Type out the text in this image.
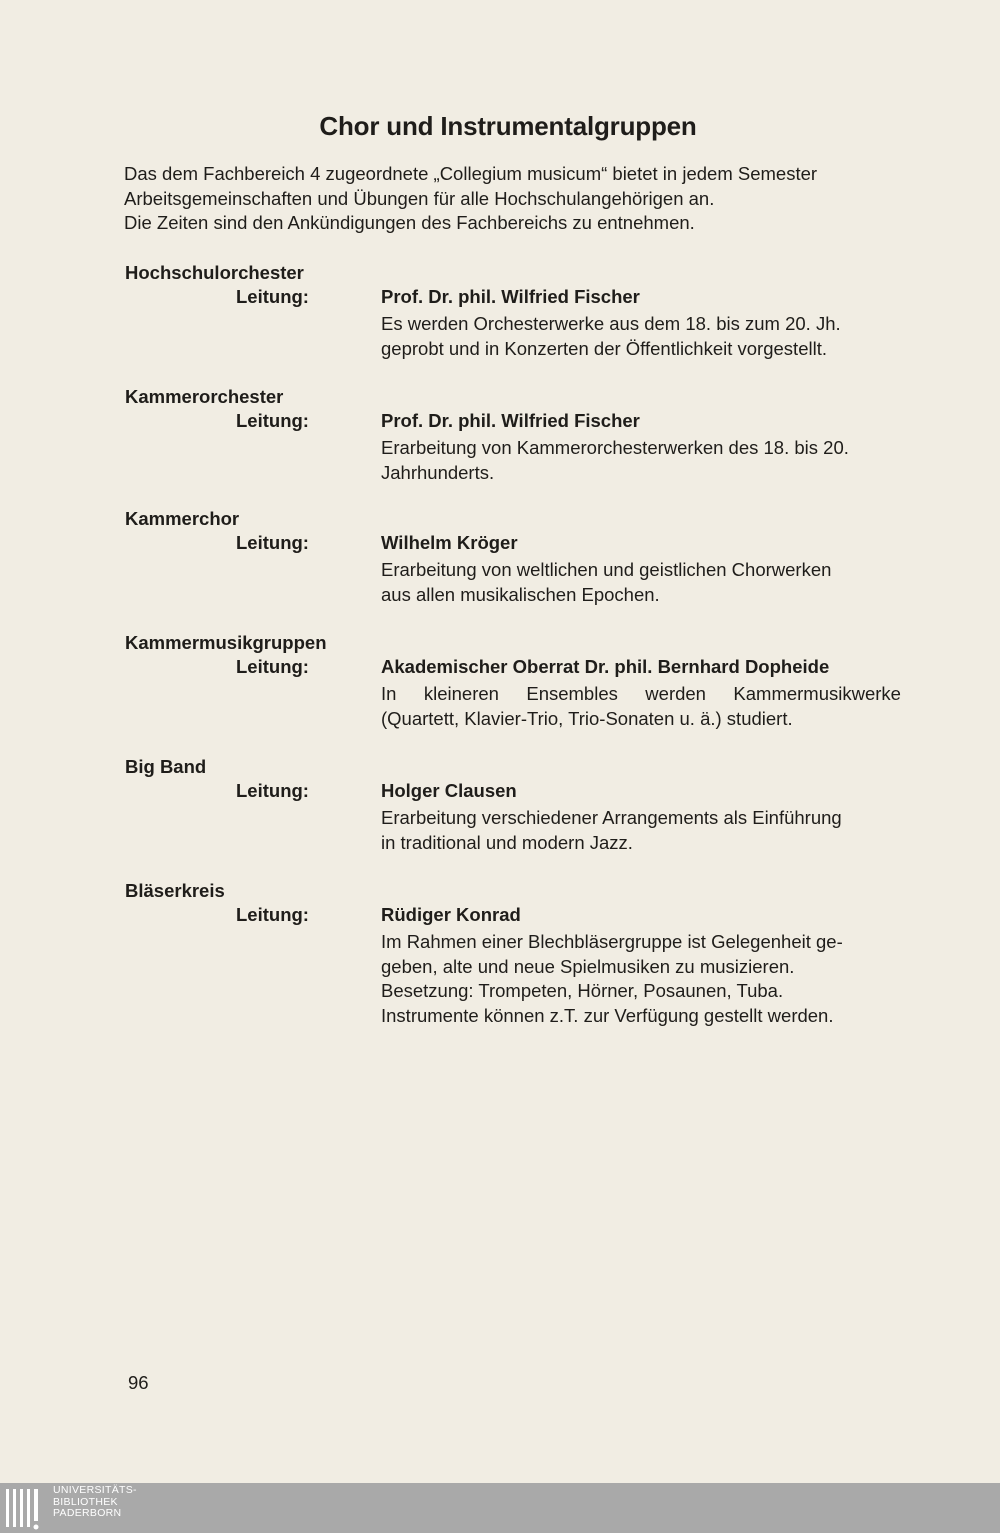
Chor und Instrumentalgruppen
Das dem Fachbereich 4 zugeordnete „Collegium musicum“ bietet in jedem Semester
Arbeitsgemeinschaften und Übungen für alle Hochschulangehörigen an.
Die Zeiten sind den Ankündigungen des Fachbereichs zu entnehmen.
Hochschulorchester
Leitung:	Prof. Dr. phil. Wilfried Fischer
Es werden Orchesterwerke aus dem 18. bis zum 20. Jh.
geprobt und in Konzerten der Öffentlichkeit vorgestellt.
Kammerorchester
Leitung:	Prof. Dr. phil. Wilfried Fischer
Erarbeitung von Kammerorchesterwerken des 18. bis 20.
Jahrhunderts.
Kammerchor
Leitung:	Wilhelm Kröger
Erarbeitung von weltlichen und geistlichen Chorwerken
aus allen musikalischen Epochen.
Kammermusikgruppen
Leitung:	Akademischer Oberrat Dr. phil. Bernhard Dopheide
In kleineren Ensembles werden Kammermusikwerke
(Quartett, Klavier-Trio, Trio-Sonaten u. ä.) studiert.
Big Band
Leitung:	Holger Clausen
Erarbeitung verschiedener Arrangements als Einführung
in traditional und modern Jazz.
Bläserkreis
Leitung:	Rüdiger Konrad
Im Rahmen einer Blechbläsergruppe ist Gelegenheit ge-
geben, alte und neue Spielmusiken zu musizieren.
Besetzung: Trompeten, Hörner, Posaunen, Tuba.
Instrumente können z.T. zur Verfügung gestellt werden.
96
UNIVERSITÄTS-
BIBLIOTHEK
PADERBORN
